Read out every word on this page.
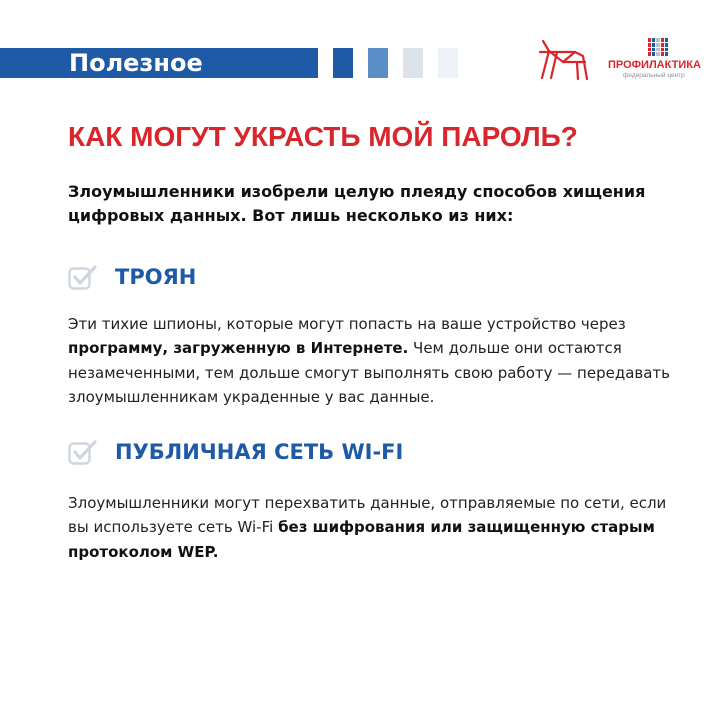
Полезное	ПРОФИЛАКТИКА
федеральный центр
КАК МОГУТ УКРАСТЬ МОЙ ПАРОЛЬ?

Злоумышленники изобрели целую плеяду способов хищения цифровых данных. Вот лишь несколько из них:

ТРОЯН

Эти тихие шпионы, которые могут попасть на ваше устройство через программу, загруженную в Интернете. Чем дольше они остаются незамеченными, тем дольше смогут выполнять свою работу — передавать злоумышленникам украденные у вас данные.

ПУБЛИЧНАЯ СЕТЬ WI-FI

Злоумышленники могут перехватить данные, отправляемые по сети, если вы используете сеть Wi-Fi без шифрования или защищенную старым протоколом WEP.
